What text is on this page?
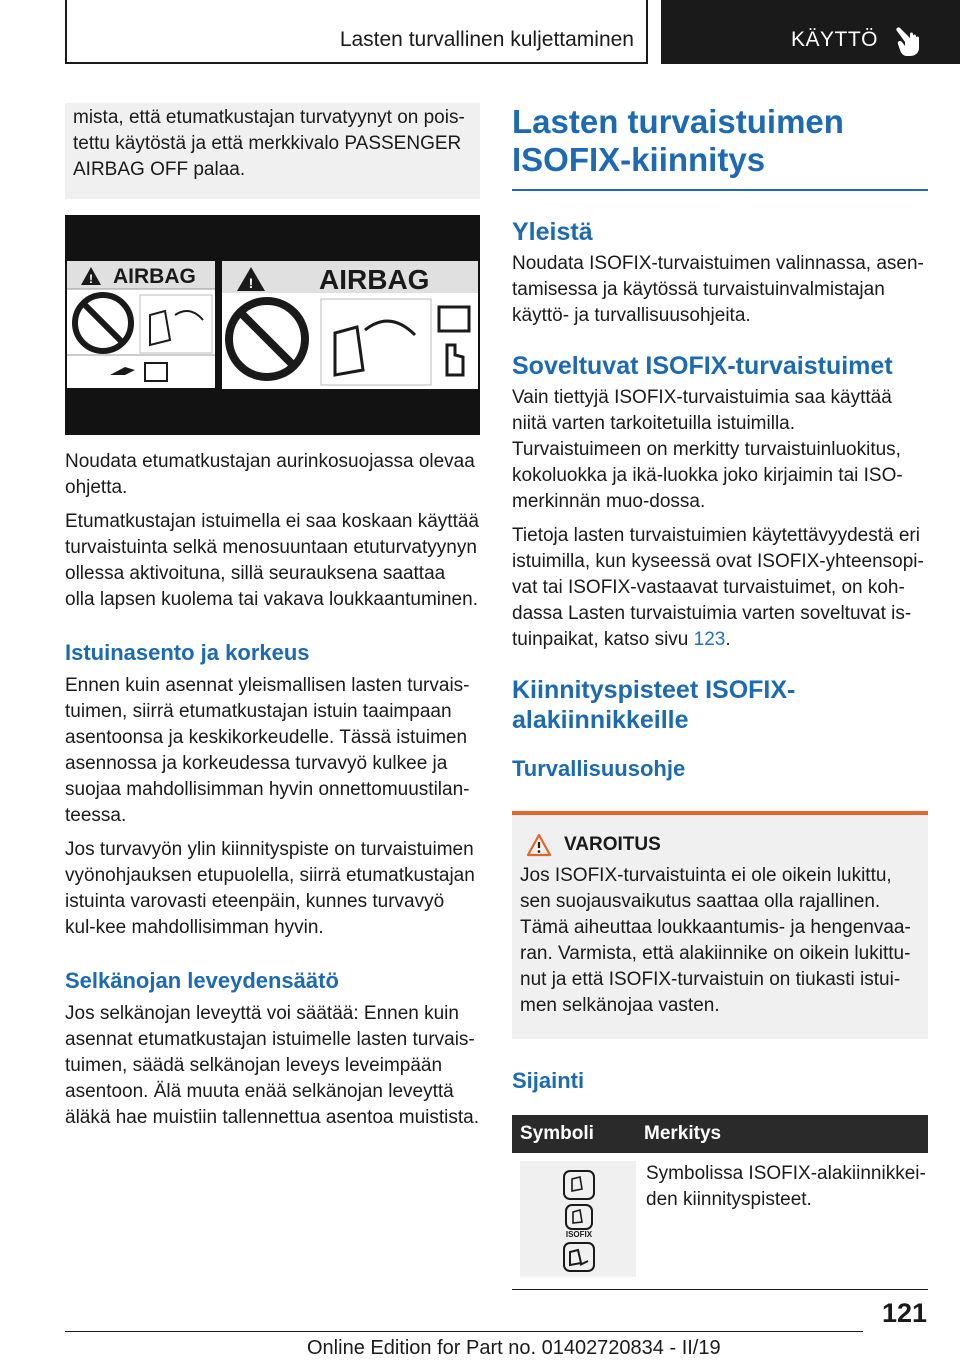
Lasten turvallinen kuljettaminen	KÄYTTÖ

mista, että etumatkustajan turvatyynyt on pois-tettu käytöstä ja että merkkivalo PASSENGER AIRBAG OFF palaa.

! AIRBAG	! AIRBAG

Noudata etumatkustajan aurinkosuojassa olevaa ohjetta.

Etumatkustajan istuimella ei saa koskaan käyttää turvaistuinta selkä menosuuntaan etuturvatyynyn ollessa aktivoituna, sillä seurauksena saattaa olla lapsen kuolema tai vakava loukkaantuminen.

Istuinasento ja korkeus

Ennen kuin asennat yleismallisen lasten turvais-tuimen, siirrä etumatkustajan istuin taaimpaan asentoonsa ja keskikorkeudelle. Tässä istuimen asennossa ja korkeudessa turvavyö kulkee ja suojaa mahdollisimman hyvin onnettomuustilan-teessa.

Jos turvavyön ylin kiinnityspiste on turvaistuimen vyönohjauksen etupuolella, siirrä etumatkustajan istuinta varovasti eteenpäin, kunnes turvavyö kul-kee mahdollisimman hyvin.

Selkänojan leveydensäätö

Jos selkänojan leveyttä voi säätää: Ennen kuin asennat etumatkustajan istuimelle lasten turvais-tuimen, säädä selkänojan leveys leveimpään asentoon. Älä muuta enää selkänojan leveyttä äläkä hae muistiin tallennettua asentoa muistista.

Lasten turvaistuimen ISOFIX-kiinnitys
Yleistä

Noudata ISOFIX-turvaistuimen valinnassa, asen-tamisessa ja käytössä turvaistuinvalmistajan käyttö- ja turvallisuusohjeita.

Soveltuvat ISOFIX-turvaistuimet

Vain tiettyjä ISOFIX-turvaistuimia saa käyttää niitä varten tarkoitetuilla istuimilla. Turvaistuimeen on merkitty turvaistuinluokitus, kokoluokka ja ikä-luokka joko kirjaimin tai ISO-merkinnän muo-dossa.

Tietoja lasten turvaistuimien käytettävyydestä eri istuimilla, kun kyseessä ovat ISOFIX-yhteensopi-vat tai ISOFIX-vastaavat turvaistuimet, on koh-dassa Lasten turvaistuimia varten soveltuvat is-tuinpaikat, katso sivu 123.

Kiinnityspisteet ISOFIX-alakiinnikkeille
Turvallisuusohje
VAROITUS

Jos ISOFIX-turvaistuinta ei ole oikein lukittu, sen suojausvaikutus saattaa olla rajallinen. Tämä aiheuttaa loukkaantumis- ja hengenvaa-ran. Varmista, että alakiinnike on oikein lukittu-nut ja että ISOFIX-turvaistuin on tiukasti istui-men selkänojaa vasten.

Sijainti
Symboli	Merkitys

ISOFIX	Symbolissa ISOFIX-alakiinnikkei-den kiinnityspisteet.

121
Online Edition for Part no. 01402720834 - II/19
